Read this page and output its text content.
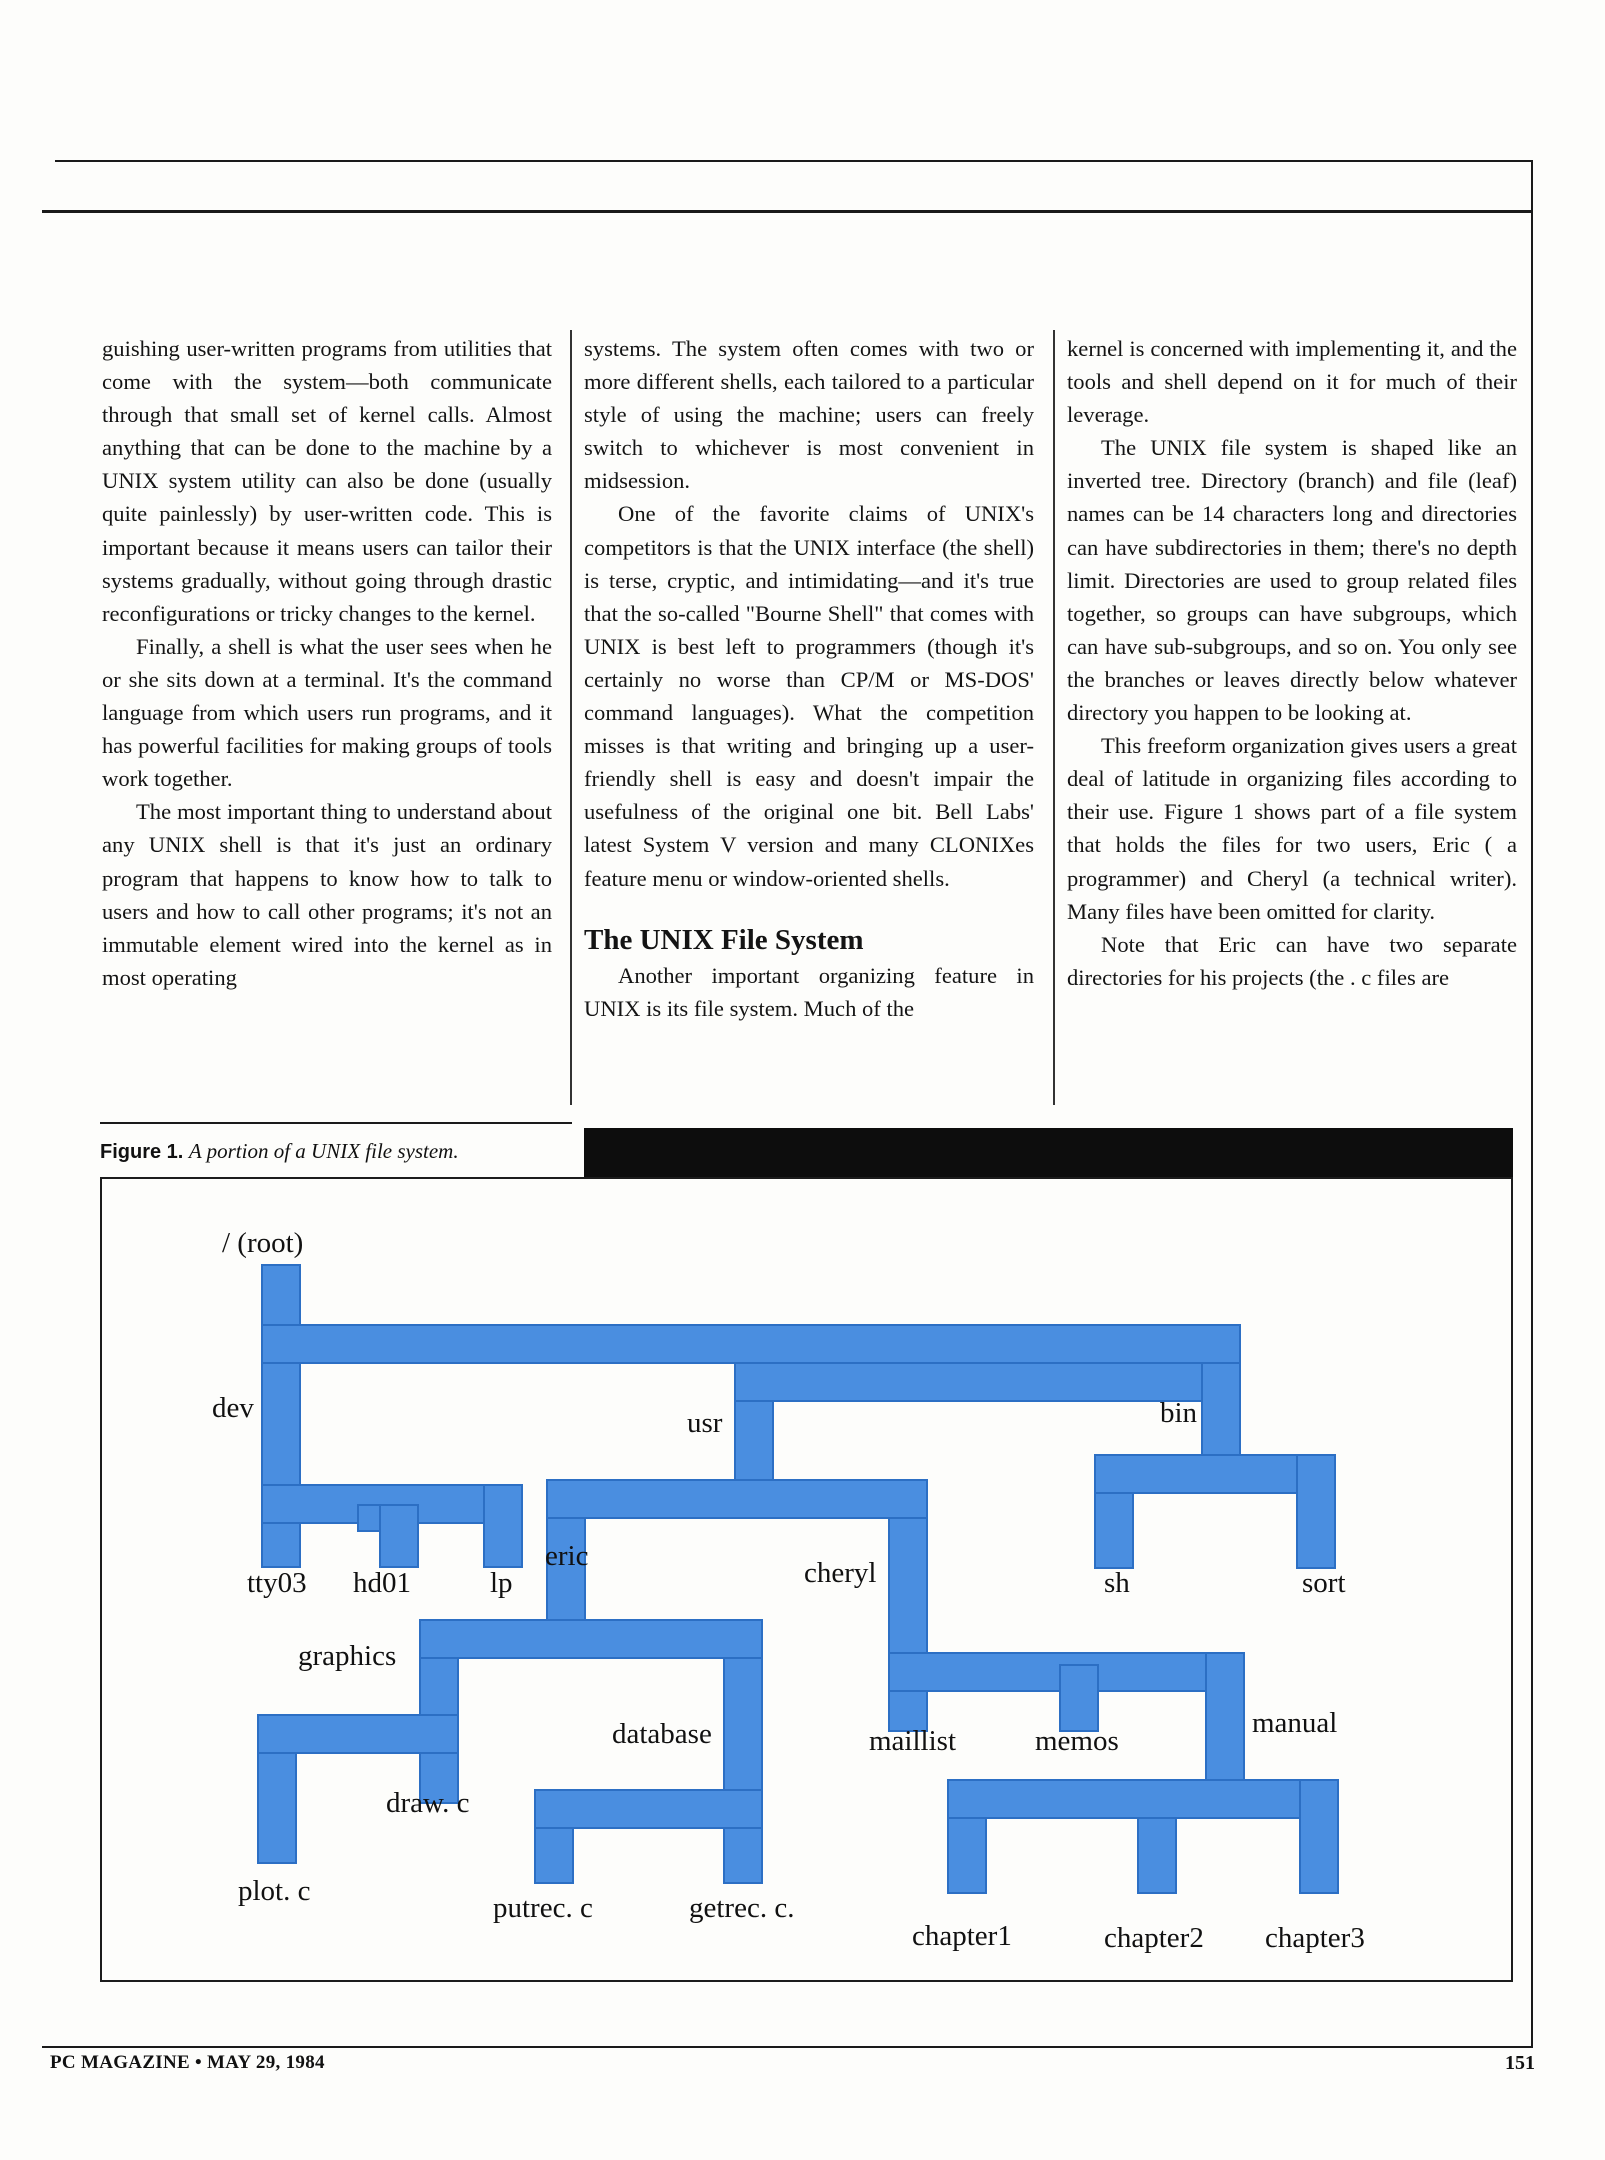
guishing user-written programs from utilities that come with the system—both communicate through that small set of kernel calls. Almost anything that can be done to the machine by a UNIX system utility can also be done (usually quite painlessly) by user-written code. This is important because it means users can tailor their systems gradually, without going through drastic reconfigurations or tricky changes to the kernel.

Finally, a shell is what the user sees when he or she sits down at a terminal. It's the command language from which users run programs, and it has powerful facilities for making groups of tools work together.

The most important thing to understand about any UNIX shell is that it's just an ordinary program that happens to know how to talk to users and how to call other programs; it's not an immutable element wired into the kernel as in most operating

systems. The system often comes with two or more different shells, each tailored to a particular style of using the machine; users can freely switch to whichever is most convenient in midsession.

One of the favorite claims of UNIX's competitors is that the UNIX interface (the shell) is terse, cryptic, and intimidating—and it's true that the so-called "Bourne Shell" that comes with UNIX is best left to programmers (though it's certainly no worse than CP/M or MS-DOS' command languages). What the competition misses is that writing and bringing up a user-friendly shell is easy and doesn't impair the usefulness of the original one bit. Bell Labs' latest System V version and many CLONIXes feature menu or window-oriented shells.

The UNIX File System

Another important organizing feature in UNIX is its file system. Much of the

kernel is concerned with implementing it, and the tools and shell depend on it for much of their leverage.

The UNIX file system is shaped like an inverted tree. Directory (branch) and file (leaf) names can be 14 characters long and directories can have subdirectories in them; there's no depth limit. Directories are used to group related files together, so groups can have subgroups, which can have sub-subgroups, and so on. You only see the branches or leaves directly below whatever directory you happen to be looking at.

This freeform organization gives users a great deal of latitude in organizing files according to their use. Figure 1 shows part of a file system that holds the files for two users, Eric ( a programmer) and Cheryl (a technical writer). Many files have been omitted for clarity.

Note that Eric can have two separate directories for his projects (the . c files are

Figure 1. A portion of a UNIX file system.
/ (root)
dev	usr	bin
tty03 hd01	lp
eric
cheryl	sh	sort
graphics
database
draw. c
plot. c
putrec. c	getrec. c.
maillist	memos
manual
chapter1	chapter2 chapter3
PC MAGAZINE • MAY 29, 1984	151
